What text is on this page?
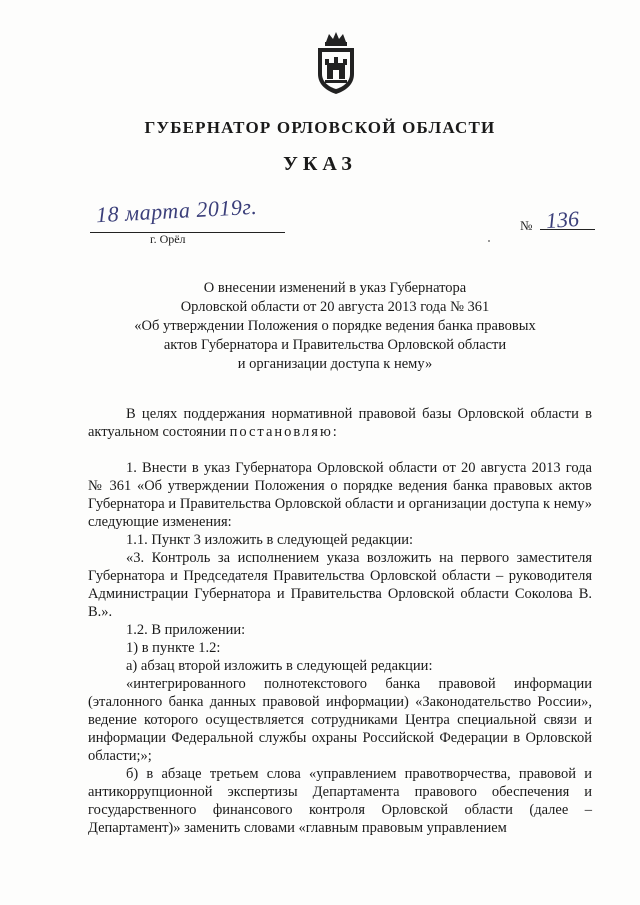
ГУБЕРНАТОР ОРЛОВСКОЙ ОБЛАСТИ
УКАЗ
18 марта 2019г.
г. Орёл
№ 136
О внесении изменений в указ Губернатора
Орловской области от 20 августа 2013 года № 361
«Об утверждении Положения о порядке ведения банка правовых
актов Губернатора и Правительства Орловской области
и организации доступа к нему»

В целях поддержания нормативной правовой базы Орловской области в актуальном состоянии постановляю:

1. Внести в указ Губернатора Орловской области от 20 августа 2013 года № 361 «Об утверждении Положения о порядке ведения банка правовых актов Губернатора и Правительства Орловской области и организации доступа к нему» следующие изменения:

1.1. Пункт 3 изложить в следующей редакции:

«3. Контроль за исполнением указа возложить на первого заместителя Губернатора и Председателя Правительства Орловской области – руководителя Администрации Губернатора и Правительства Орловской области Соколова В. В.».

1.2. В приложении:

1) в пункте 1.2:

а) абзац второй изложить в следующей редакции:

«интегрированного полнотекстового банка правовой информации (эталонного банка данных правовой информации) «Законодательство России», ведение которого осуществляется сотрудниками Центра специальной связи и информации Федеральной службы охраны Российской Федерации в Орловской области;»;

б) в абзаце третьем слова «управлением правотворчества, правовой и антикоррупционной экспертизы Департамента правового обеспечения и государственного финансового контроля Орловской области (далее – Департамент)» заменить словами «главным правовым управлением
